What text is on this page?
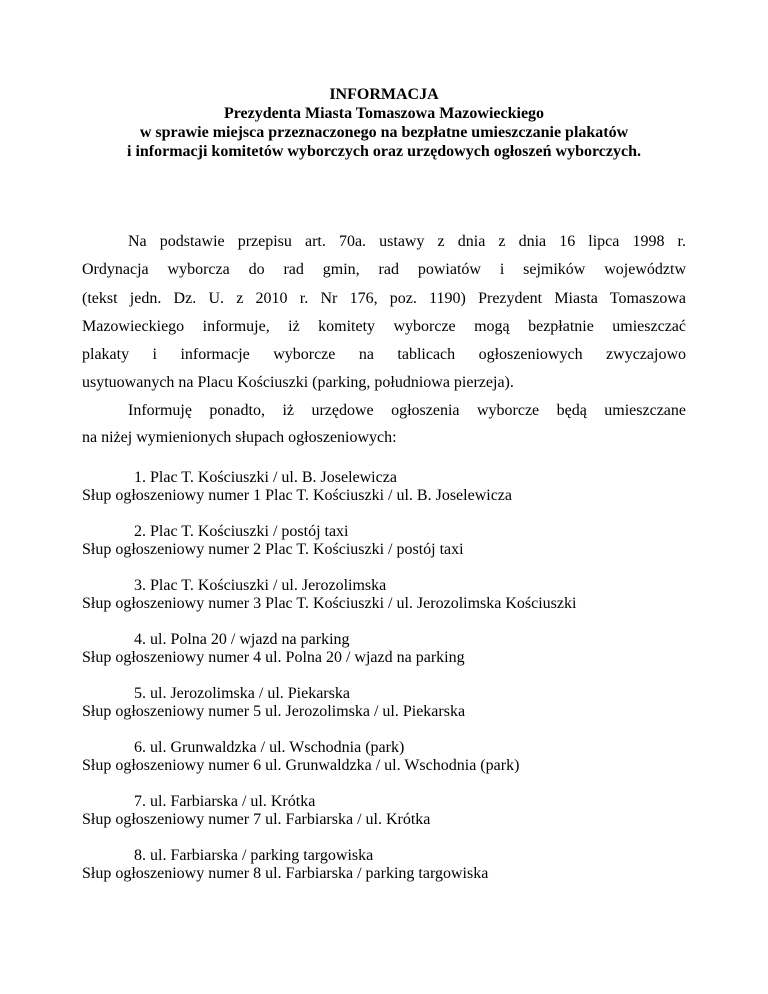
INFORMACJA
Prezydenta Miasta Tomaszowa Mazowieckiego
w sprawie miejsca przeznaczonego na bezpłatne umieszczanie plakatów
i informacji komitetów wyborczych oraz urzędowych ogłoszeń wyborczych.
Na podstawie przepisu art. 70a. ustawy z dnia z dnia 16 lipca 1998 r.
Ordynacja wyborcza do rad gmin, rad powiatów i sejmików województw
(tekst jedn. Dz. U. z 2010 r. Nr 176, poz. 1190) Prezydent Miasta Tomaszowa
Mazowieckiego informuje, iż komitety wyborcze mogą bezpłatnie umieszczać
plakaty i informacje wyborcze na tablicach ogłoszeniowych zwyczajowo
usytuowanych na Placu Kościuszki (parking, południowa pierzeja).
Informuję ponadto, iż urzędowe ogłoszenia wyborcze będą umieszczane
na niżej wymienionych słupach ogłoszeniowych:
1. Plac T. Kościuszki / ul. B. Joselewicza
Słup ogłoszeniowy numer 1 Plac T. Kościuszki / ul. B. Joselewicza
2. Plac T. Kościuszki / postój taxi
Słup ogłoszeniowy numer 2 Plac T. Kościuszki / postój taxi
3. Plac T. Kościuszki / ul. Jerozolimska
Słup ogłoszeniowy numer 3 Plac T. Kościuszki / ul. Jerozolimska Kościuszki
4. ul. Polna 20 / wjazd na parking
Słup ogłoszeniowy numer 4 ul. Polna 20 / wjazd na parking
5. ul. Jerozolimska / ul. Piekarska
Słup ogłoszeniowy numer 5 ul. Jerozolimska / ul. Piekarska
6. ul. Grunwaldzka / ul. Wschodnia (park)
Słup ogłoszeniowy numer 6 ul. Grunwaldzka / ul. Wschodnia (park)
7. ul. Farbiarska / ul. Krótka
Słup ogłoszeniowy numer 7 ul. Farbiarska / ul. Krótka
8. ul. Farbiarska / parking targowiska
Słup ogłoszeniowy numer 8 ul. Farbiarska / parking targowiska
